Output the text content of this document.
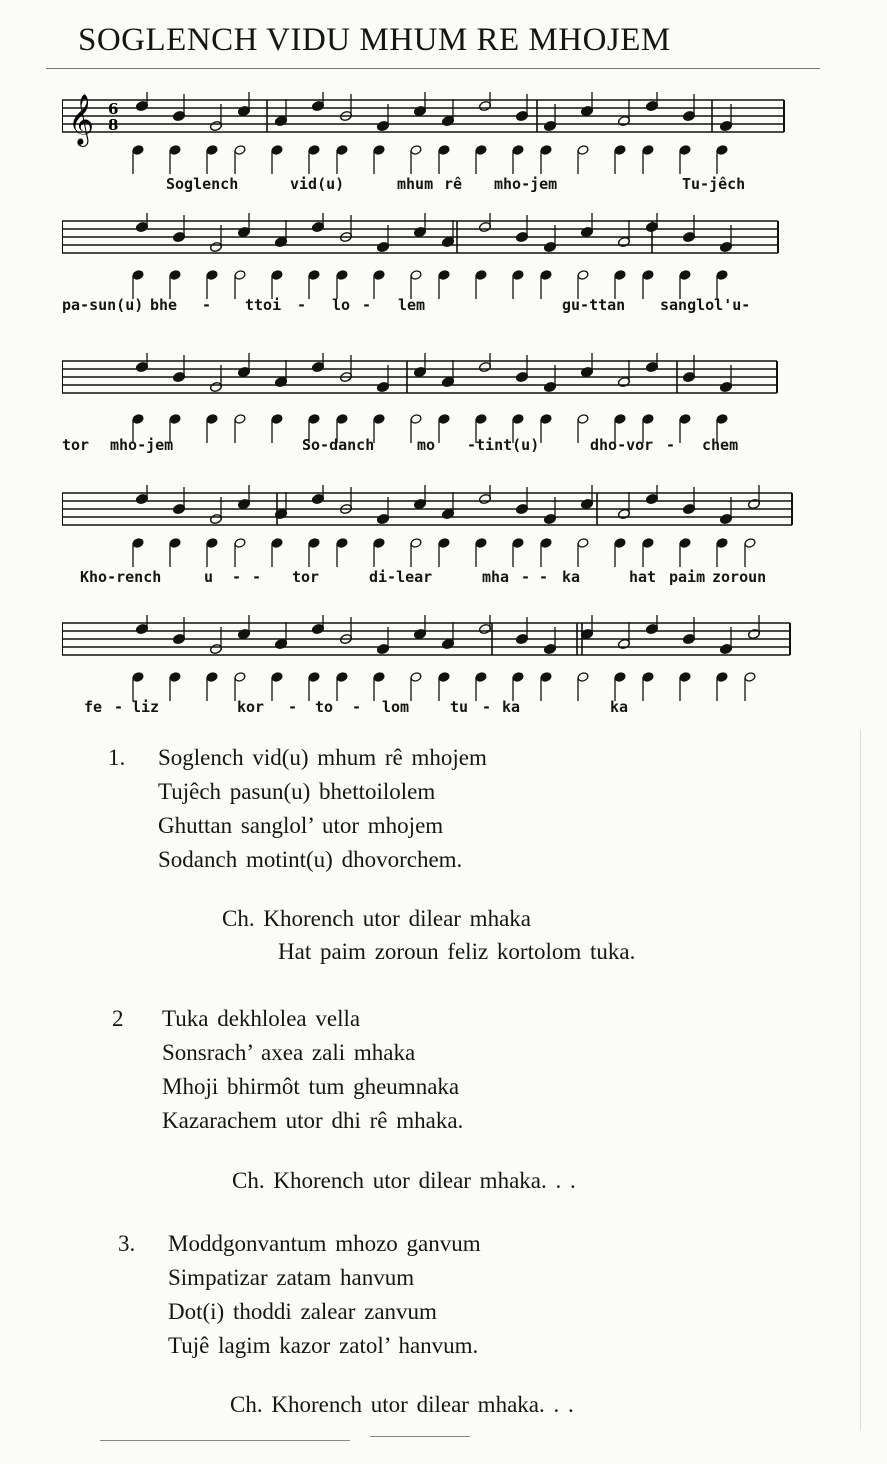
SOGLENCH VIDU MHUM RE MHOJEM
𝄞 6
8
Soglench	vid(u)	mhum rê mho-jem	Tu-jêch
pa-sun(u) bhe - ttoi - lo - lem	gu-ttan sanglol'u-
tor mho-jem	So-danch	mo -tint(u)	dho-vor - chem
Kho-rench	u - - tor	di-lear	mha - - ka	hat paim zoroun
fe - liz	kor - to - lom	tu - ka	ka
1. Soglench vid(u) mhum rê mhojem
Tujêch pasun(u) bhettoilolem
Ghuttan sanglol’ utor mhojem
Sodanch motint(u) dhovorchem.
Ch. Khorench utor dilear mhaka
Hat paim zoroun feliz kortolom tuka.
2 Tuka dekhlolea vella
Sonsrach’ axea zali mhaka
Mhoji bhirmôt tum gheumnaka
Kazarachem utor dhi rê mhaka.
Ch. Khorench utor dilear mhaka. . .
3. Moddgonvantum mhozo ganvum
Simpatizar zatam hanvum
Dot(i) thoddi zalear zanvum
Tujê lagim kazor zatol’ hanvum.
Ch. Khorench utor dilear mhaka. . .
